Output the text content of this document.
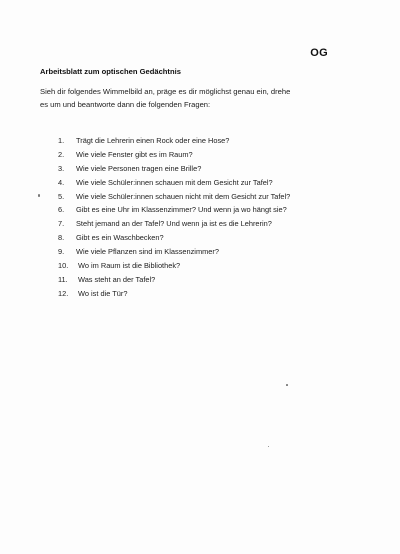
OG
Arbeitsblatt zum optischen Gedächtnis
Sieh dir folgendes Wimmelbild an, präge es dir möglichst genau ein, drehe
es um und beantworte dann die folgenden Fragen:
1.	Trägt die Lehrerin einen Rock oder eine Hose?
2.	Wie viele Fenster gibt es im Raum?
3.	Wie viele Personen tragen eine Brille?
4.	Wie viele Schüler:innen schauen mit dem Gesicht zur Tafel?
5.	Wie viele Schüler:innen schauen nicht mit dem Gesicht zur Tafel?
6.	Gibt es eine Uhr im Klassenzimmer? Und wenn ja wo hängt sie?
7.	Steht jemand an der Tafel? Und wenn ja ist es die Lehrerin?
8.	Gibt es ein Waschbecken?
9.	Wie viele Pflanzen sind im Klassenzimmer?
10.	Wo im Raum ist die Bibliothek?
11.	Was steht an der Tafel?
12.	Wo ist die Tür?
